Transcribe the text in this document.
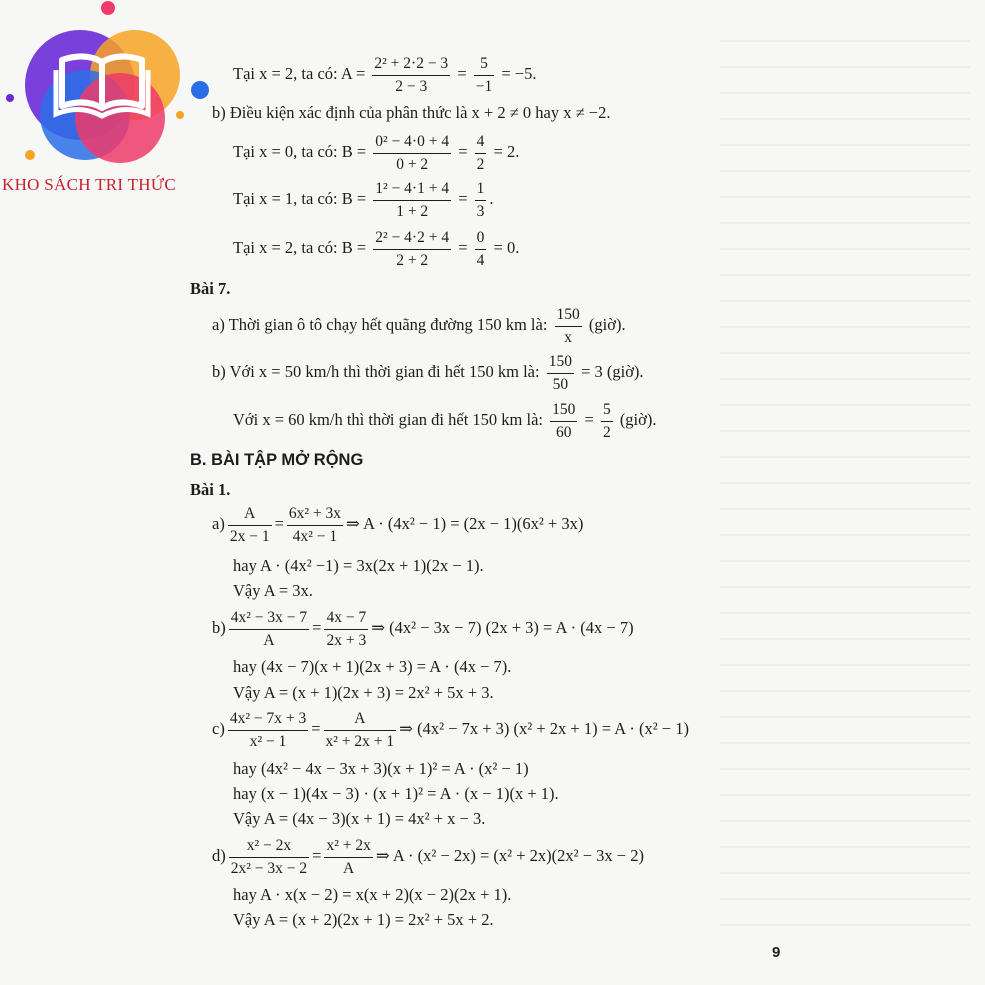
KHO SÁCH TRI THỨC
Tại x = 2, ta có: $A = \frac{\text{2² + 2·2 − 3}}{2 - 3} = \frac{5}{-1} = -5$.
b) Điều kiện xác định của phân thức là x + 2 ≠ 0 hay x ≠ −2.
Tại x = 0, ta có: $B = \frac{\text{0² − 4·0 + 4}}{0 + 2} = \frac{4}{2} = 2$.
Tại x = 1, ta có: $B = \frac{\text{1² − 4·1 + 4}}{1 + 2} = \frac{1}{3}$ .
Tại x = 2, ta có: $B = \frac{\text{2² − 4·2 + 4}}{2 + 2} = \frac{0}{4} = 0$.
Bài 7.
a) Thời gian ô tô chạy hết quãng đường 150 km là: $\frac{150}{x}$ (giờ).
b) Với x = 50 km/h thì thời gian đi hết 150 km là: $\frac{150}{50} = 3$ (giờ).
Với x = 60 km/h thì thời gian đi hết 150 km là: $\frac{150}{60} = \frac{5}{2}$ (giờ).
B. BÀI TẬP MỞ RỘNG
Bài 1.
$a) \frac{A}{2x - 1} = \frac{\text{6x² + 3x}}{\text{4x² − 1}}$ ⇒ A · (4x² − 1) = (2x − 1)(6x² + 3x)
hay A · (4x² −1) = 3x(2x + 1)(2x − 1).
Vậy A = 3x.
$b) \frac{\text{4x² − 3x − 7}}{A} = \frac{4x - 7}{2x + 3}$ ⇒ (4x² − 3x − 7) (2x + 3) = A · (4x − 7)
hay (4x − 7)(x + 1)(2x + 3) = A · (4x − 7).
Vậy A = (x + 1)(2x + 3) = 2x² + 5x + 3.
$c) \frac{\text{4x² − 7x + 3}}{\text{x² − 1}} = \frac{A}{\text{x² + 2x + 1}}$ ⇒ (4x² − 7x + 3) (x² + 2x + 1) = A · (x² − 1)
hay (4x² − 4x − 3x + 3)(x + 1)² = A · (x² − 1)
hay (x − 1)(4x − 3) · (x + 1)² = A · (x − 1)(x + 1).
Vậy A = (4x − 3)(x + 1) = 4x² + x − 3.
$d) \frac{\text{x² − 2x}}{\text{2x² − 3x − 2}} = \frac{\text{x² + 2x}}{A}$ ⇒ A · (x² − 2x) = (x² + 2x)(2x² − 3x − 2)
hay A · x(x − 2) = x(x + 2)(x − 2)(2x + 1).
Vậy A = (x + 2)(2x + 1) = 2x² + 5x + 2.
9
